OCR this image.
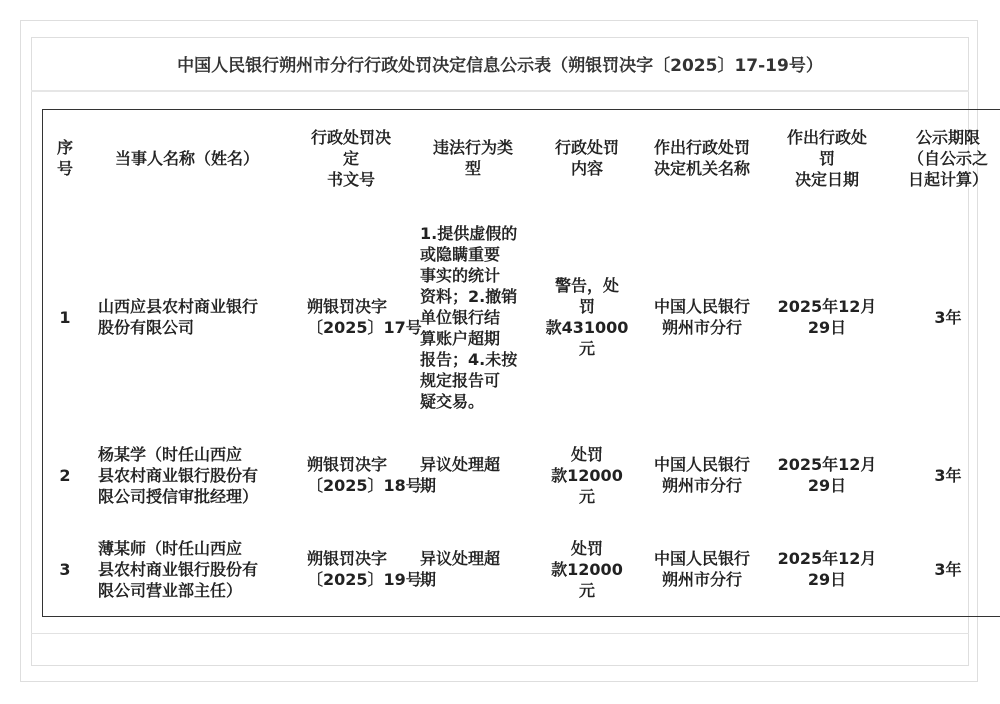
中国人民银行朔州市分行行政处罚决定信息公示表（朔银罚决字〔2025〕17-19号）
序
号
当事人名称（姓名）
行政处罚决
定
书文号
违法行为类
型
行政处罚
内容
作出行政处罚
决定机关名称
作出行政处
罚
决定日期
公示期限
（自公示之
日起计算）
1
山西应县农村商业银行
股份有限公司
朔银罚决字
〔2025〕17号
1.提供虚假的
或隐瞒重要
事实的统计
资料；2.撤销
单位银行结
算账户超期
报告；4.未按
规定报告可
疑交易。
警告，处
罚
款431000
元
中国人民银行
朔州市分行
2025年12月
29日
3年
2
杨某学（时任山西应
县农村商业银行股份有
限公司授信审批经理）
朔银罚决字
〔2025〕18号
异议处理超
期
处罚
款12000
元
中国人民银行
朔州市分行
2025年12月
29日
3年
3
薄某师（时任山西应
县农村商业银行股份有
限公司营业部主任）
朔银罚决字
〔2025〕19号
异议处理超
期
处罚
款12000
元
中国人民银行
朔州市分行
2025年12月
29日
3年
